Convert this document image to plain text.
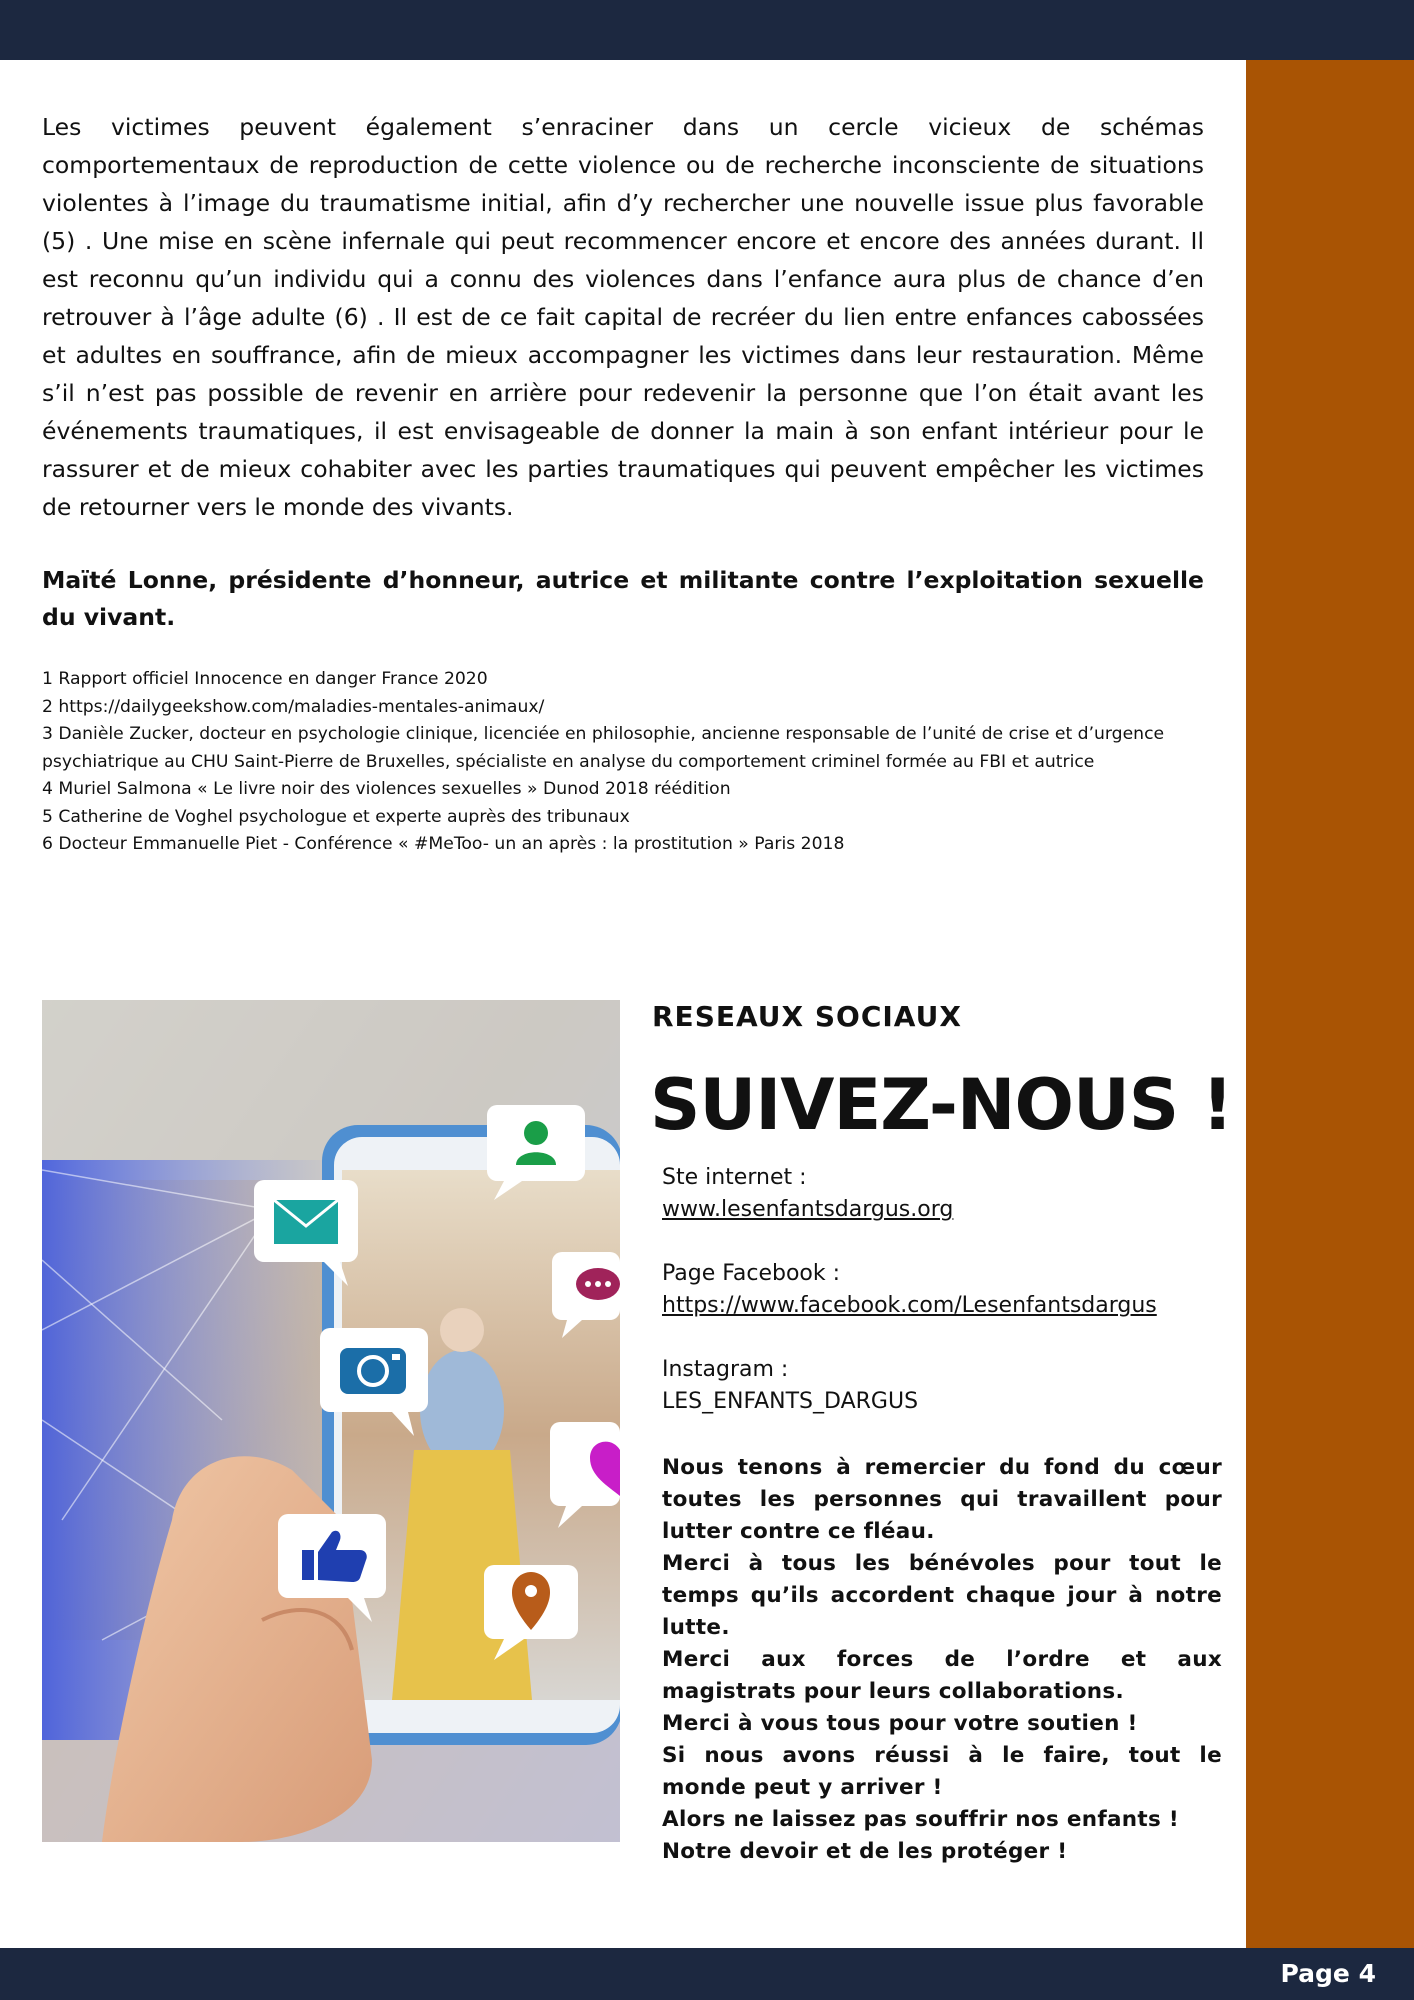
Les victimes peuvent également s’enraciner dans un cercle vicieux de schémas comportementaux de reproduction de cette violence ou de recherche inconsciente de situations violentes à l’image du traumatisme initial, afin d’y rechercher une nouvelle issue plus favorable (5) . Une mise en scène infernale qui peut recommencer encore et encore des années durant. Il est reconnu qu’un individu qui a connu des violences dans l’enfance aura plus de chance d’en retrouver à l’âge adulte (6) . Il est de ce fait capital de recréer du lien entre enfances cabossées et adultes en souffrance, afin de mieux accompagner les victimes dans leur restauration. Même s’il n’est pas possible de revenir en arrière pour redevenir la personne que l’on était avant les événements traumatiques, il est envisageable de donner la main à son enfant intérieur pour le rassurer et de mieux cohabiter avec les parties traumatiques qui peuvent empêcher les victimes de retourner vers le monde des vivants.

Maïté Lonne, présidente d’honneur, autrice et militante contre l’exploitation sexuelle du vivant.

1 Rapport officiel Innocence en danger France 2020
2 https://dailygeekshow.com/maladies-mentales-animaux/
3 Danièle Zucker, docteur en psychologie clinique, licenciée en philosophie, ancienne responsable de l’unité de crise et d’urgence psychiatrique au CHU Saint-Pierre de Bruxelles, spécialiste en analyse du comportement criminel formée au FBI et autrice
4 Muriel Salmona « Le livre noir des violences sexuelles » Dunod 2018 réédition
5 Catherine de Voghel psychologue et experte auprès des tribunaux
6 Docteur Emmanuelle Piet - Conférence « #MeToo- un an après : la prostitution » Paris 2018
RESEAUX SOCIAUX
SUIVEZ-NOUS !
Ste internet :
www.lesenfantsdargus.org
Page Facebook :
https://www.facebook.com/Lesenfantsdargus
Instagram :
LES_ENFANTS_DARGUS

Nous tenons à remercier du fond du cœur toutes les personnes qui travaillent pour lutter contre ce fléau.

Merci à tous les bénévoles pour tout le temps qu’ils accordent chaque jour à notre lutte.

Merci aux forces de l’ordre et aux magistrats pour leurs collaborations.

Merci à vous tous pour votre soutien !

Si nous avons réussi à le faire, tout le monde peut y arriver !

Alors ne laissez pas souffrir nos enfants !

Notre devoir et de les protéger !

Page 4
